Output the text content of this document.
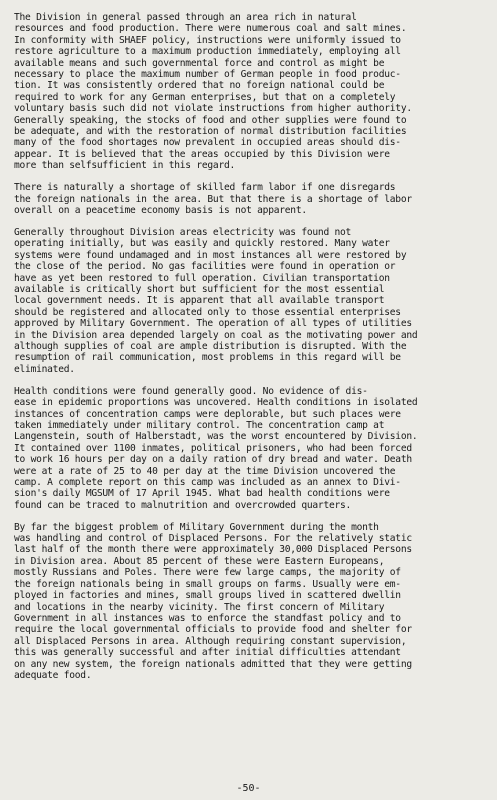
The Division in general passed through an area rich in natural
resources and food production. There were numerous coal and salt mines.
In conformity with SHAEF policy, instructions were uniformly issued to
restore agriculture to a maximum production immediately, employing all
available means and such governmental force and control as might be
necessary to place the maximum number of German people in food produc-
tion. It was consistently ordered that no foreign national could be
required to work for any German enterprises, but that on a completely
voluntary basis such did not violate instructions from higher authority.
Generally speaking, the stocks of food and other supplies were found to
be adequate, and with the restoration of normal distribution facilities
many of the food shortages now prevalent in occupied areas should dis-
appear. It is believed that the areas occupied by this Division were
more than selfsufficient in this regard.

There is naturally a shortage of skilled farm labor if one disregards
the foreign nationals in the area. But that there is a shortage of labor
overall on a peacetime economy basis is not apparent.

Generally throughout Division areas electricity was found not
operating initially, but was easily and quickly restored. Many water
systems were found undamaged and in most instances all were restored by
the close of the period. No gas facilities were found in operation or
have as yet been restored to full operation. Civilian transportation
available is critically short but sufficient for the most essential
local government needs. It is apparent that all available transport
should be registered and allocated only to those essential enterprises
approved by Military Government. The operation of all types of utilities
in the Division area depended largely on coal as the motivating power and
although supplies of coal are ample distribution is disrupted. With the
resumption of rail communication, most problems in this regard will be
eliminated.

Health conditions were found generally good. No evidence of dis-
ease in epidemic proportions was uncovered. Health conditions in isolated
instances of concentration camps were deplorable, but such places were
taken immediately under military control. The concentration camp at
Langenstein, south of Halberstadt, was the worst encountered by Division.
It contained over 1100 inmates, political prisoners, who had been forced
to work 16 hours per day on a daily ration of dry bread and water. Death
were at a rate of 25 to 40 per day at the time Division uncovered the
camp. A complete report on this camp was included as an annex to Divi-
sion's daily MGSUM of 17 April 1945. What bad health conditions were
found can be traced to malnutrition and overcrowded quarters.

By far the biggest problem of Military Government during the month
was handling and control of Displaced Persons. For the relatively static
last half of the month there were approximately 30,000 Displaced Persons
in Division area. About 85 percent of these were Eastern Europeans,
mostly Russians and Poles. There were few large camps, the majority of
the foreign nationals being in small groups on farms. Usually were em-
ployed in factories and mines, small groups lived in scattered dwellin
and locations in the nearby vicinity. The first concern of Military
Government in all instances was to enforce the standfast policy and to
require the local governmental officials to provide food and shelter for
all Displaced Persons in area. Although requiring constant supervision,
this was generally successful and after initial difficulties attendant
on any new system, the foreign nationals admitted that they were getting
adequate food.

-50-
